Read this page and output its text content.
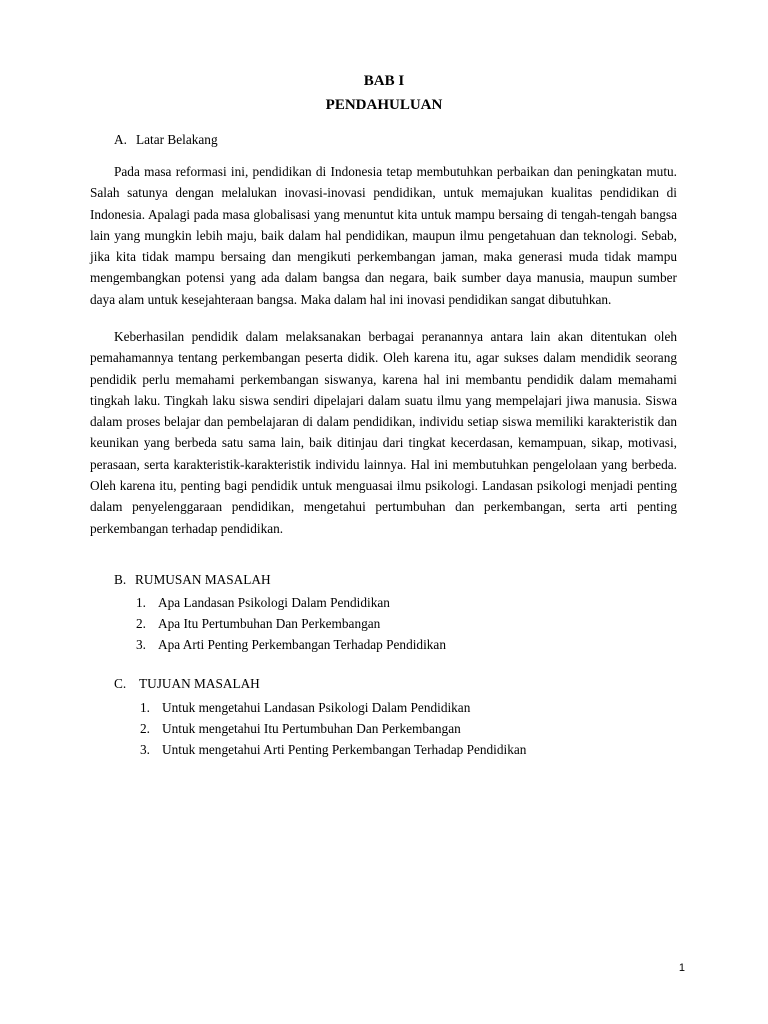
BAB I
PENDAHULUAN
A. Latar Belakang

Pada masa reformasi ini, pendidikan di Indonesia tetap membutuhkan perbaikan dan peningkatan mutu. Salah satunya dengan melalukan inovasi-inovasi pendidikan, untuk memajukan kualitas pendidikan di Indonesia. Apalagi pada masa globalisasi yang menuntut kita untuk mampu bersaing di tengah-tengah bangsa lain yang mungkin lebih maju, baik dalam hal pendidikan, maupun ilmu pengetahuan dan teknologi. Sebab, jika kita tidak mampu bersaing dan mengikuti perkembangan jaman, maka generasi muda tidak mampu mengembangkan potensi yang ada dalam bangsa dan negara, baik sumber daya manusia, maupun sumber daya alam untuk kesejahteraan bangsa. Maka dalam hal ini inovasi pendidikan sangat dibutuhkan.

Keberhasilan pendidik dalam melaksanakan berbagai peranannya antara lain akan ditentukan oleh pemahamannya tentang perkembangan peserta didik. Oleh karena itu, agar sukses dalam mendidik seorang pendidik perlu memahami perkembangan siswanya, karena hal ini membantu pendidik dalam memahami tingkah laku. Tingkah laku siswa sendiri dipelajari dalam suatu ilmu yang mempelajari jiwa manusia. Siswa dalam proses belajar dan pembelajaran di dalam pendidikan, individu setiap siswa memiliki karakteristik dan keunikan yang berbeda satu sama lain, baik ditinjau dari tingkat kecerdasan, kemampuan, sikap, motivasi, perasaan, serta karakteristik-karakteristik individu lainnya. Hal ini membutuhkan pengelolaan yang berbeda. Oleh karena itu, penting bagi pendidik untuk menguasai ilmu psikologi. Landasan psikologi menjadi penting dalam penyelenggaraan pendidikan, mengetahui pertumbuhan dan perkembangan, serta arti penting perkembangan terhadap pendidikan.

B. RUMUSAN MASALAH
1. Apa Landasan Psikologi Dalam Pendidikan
2. Apa Itu Pertumbuhan Dan Perkembangan
3. Apa Arti Penting Perkembangan Terhadap Pendidikan
C. TUJUAN MASALAH
1. Untuk mengetahui Landasan Psikologi Dalam Pendidikan
2. Untuk mengetahui Itu Pertumbuhan Dan Perkembangan
3. Untuk mengetahui Arti Penting Perkembangan Terhadap Pendidikan
1
